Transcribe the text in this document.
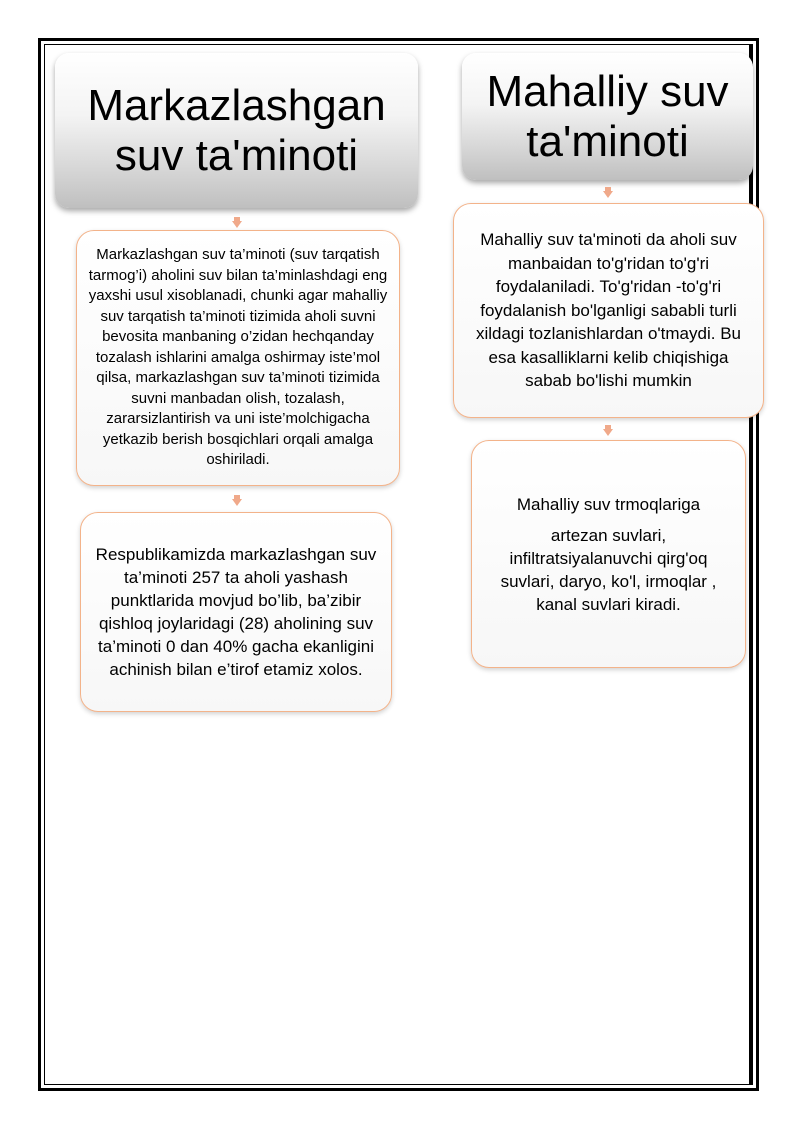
Markazlashgan suv ta'minoti

Markazlashgan suv ta’minoti (suv tarqatish tarmog’i) aholini suv bilan ta’minlashdagi eng yaxshi usul xisoblanadi, chunki agar mahalliy suv tarqatish ta’minoti tizimida aholi suvni bevosita manbaning o’zidan hechqanday tozalash ishlarini amalga oshirmay iste’mol qilsa, markazlashgan suv ta’minoti tizimida suvni manbadan olish, tozalash, zararsizlantirish va uni iste’molchigacha yetkazib berish bosqichlari orqali amalga oshiriladi.

Respublikamizda markazlashgan suv ta’minoti 257 ta aholi yashash punktlarida movjud bo’lib, ba’zibir qishloq joylaridagi (28) aholining suv ta’minoti 0 dan 40% gacha ekanligini achinish bilan e’tirof etamiz xolos.

Mahalliy suv ta'minoti

Mahalliy suv ta'minoti da aholi suv manbaidan to'g'ridan to'g'ri foydalaniladi. To'g'ridan -to'g'ri foydalanish bo'lganligi sababli turli xildagi tozlanishlardan o'tmaydi. Bu esa kasalliklarni kelib chiqishiga sabab bo'lishi mumkin

Mahalliy suv trmoqlariga
artezan suvlari, infiltratsiyalanuvchi qirg'oq suvlari, daryo, ko'l, irmoqlar , kanal suvlari kiradi.
